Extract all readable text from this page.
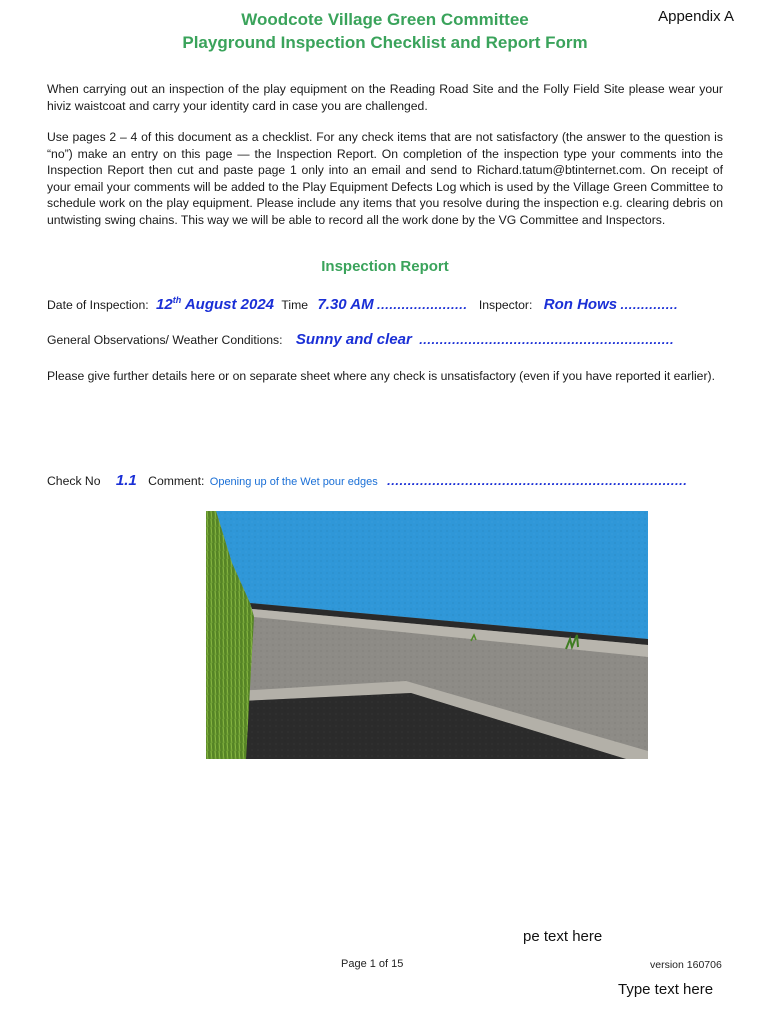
Appendix A
Woodcote Village Green Committee
Playground Inspection Checklist and Report Form
When carrying out an inspection of the play equipment on the Reading Road Site and the Folly Field Site please wear your hiviz waistcoat and carry your identity card in case you are challenged.
Use pages 2 – 4 of this document as a checklist. For any check items that are not satisfactory (the answer to the question is “no”) make an entry on this page — the Inspection Report. On completion of the inspection type your comments into the Inspection Report then cut and paste page 1 only into an email and send to Richard.tatum@btinternet.com. On receipt of your email your comments will be added to the Play Equipment Defects Log which is used by the Village Green Committee to schedule work on the play equipment. Please include any items that you resolve during the inspection e.g. clearing debris on untwisting swing chains. This way we will be able to record all the work done by the VG Committee and Inspectors.
Inspection Report
Date of Inspection: 12th August 2024 Time 7.30 AM ...................... Inspector: Ron Hows ..............
General Observations/ Weather Conditions: Sunny and clear ..............................................................
Please give further details here or on separate sheet where any check is unsatisfactory (even if you have reported it earlier).
Check No 1.1 Comment: Opening up of the Wet pour edges .........................................................................
pe text here
Page 1 of 15	version 160706
Type text here
